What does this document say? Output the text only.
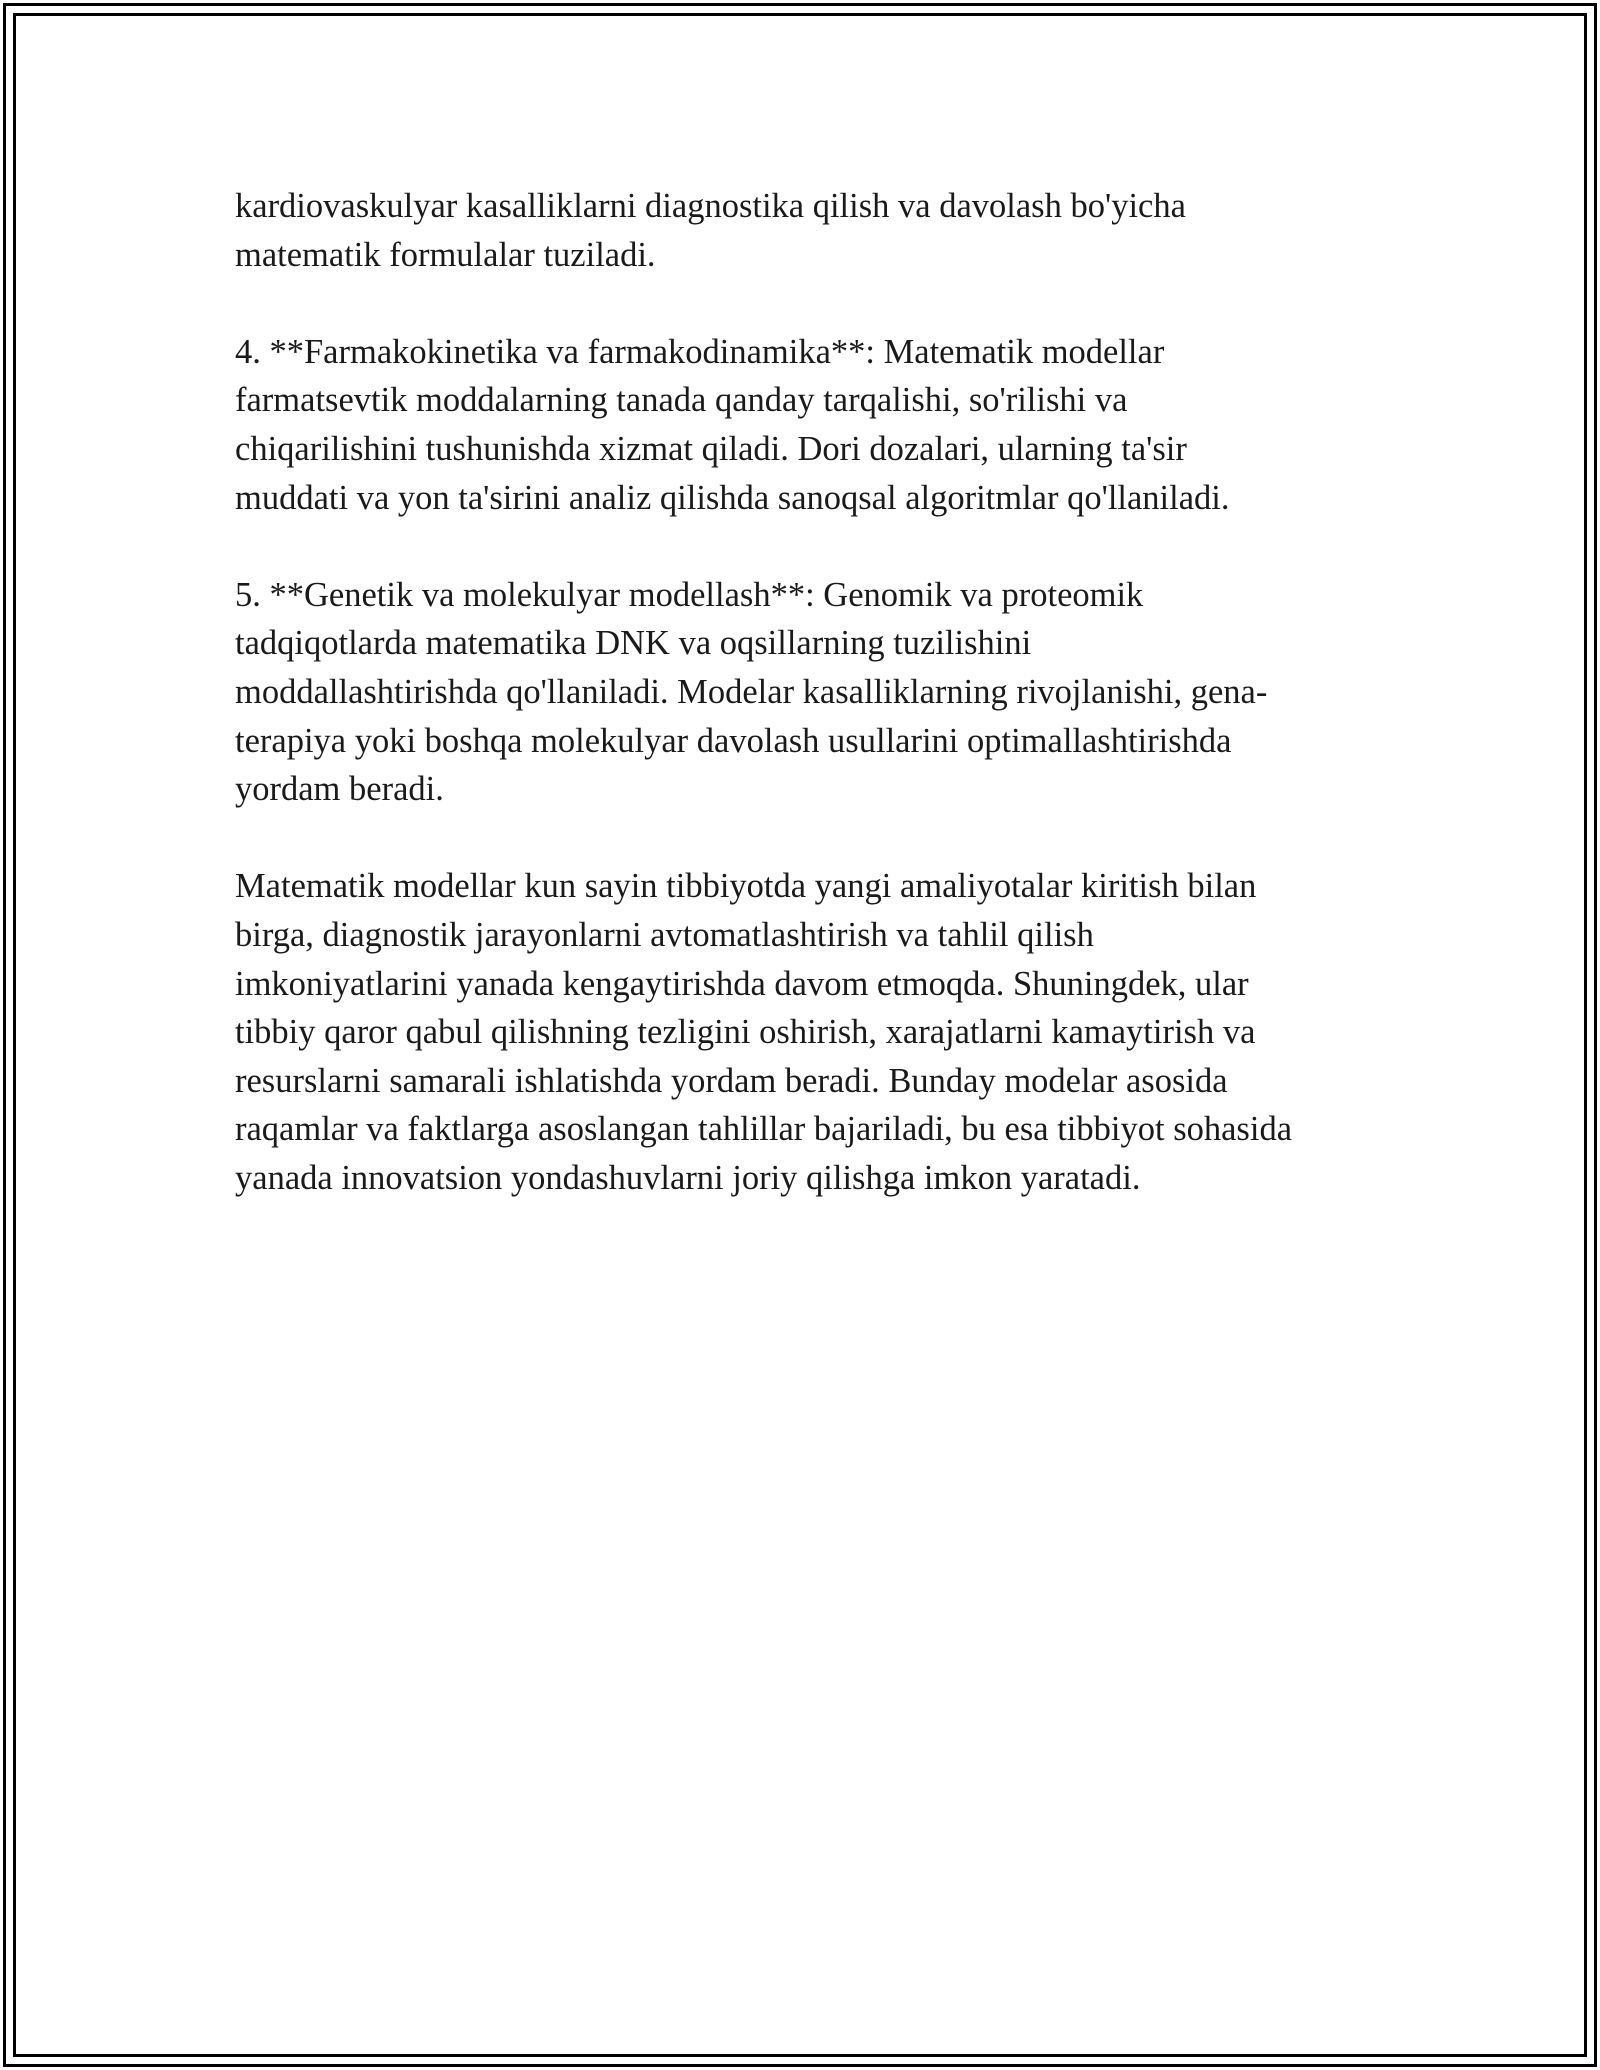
kardiovaskulyar kasalliklarni diagnostika qilish va davolash bo'yicha
matematik formulalar tuziladi.

4. **Farmakokinetika va farmakodinamika**: Matematik modellar
farmatsevtik moddalarning tanada qanday tarqalishi, so'rilishi va
chiqarilishini tushunishda xizmat qiladi. Dori dozalari, ularning ta'sir
muddati va yon ta'sirini analiz qilishda sanoqsal algoritmlar qo'llaniladi.

5. **Genetik va molekulyar modellash**: Genomik va proteomik
tadqiqotlarda matematika DNK va oqsillarning tuzilishini
moddallashtirishda qo'llaniladi. Modelar kasalliklarning rivojlanishi, gena-
terapiya yoki boshqa molekulyar davolash usullarini optimallashtirishda
yordam beradi.

Matematik modellar kun sayin tibbiyotda yangi amaliyotalar kiritish bilan
birga, diagnostik jarayonlarni avtomatlashtirish va tahlil qilish
imkoniyatlarini yanada kengaytirishda davom etmoqda. Shuningdek, ular
tibbiy qaror qabul qilishning tezligini oshirish, xarajatlarni kamaytirish va
resurslarni samarali ishlatishda yordam beradi. Bunday modelar asosida
raqamlar va faktlarga asoslangan tahlillar bajariladi, bu esa tibbiyot sohasida
yanada innovatsion yondashuvlarni joriy qilishga imkon yaratadi.
